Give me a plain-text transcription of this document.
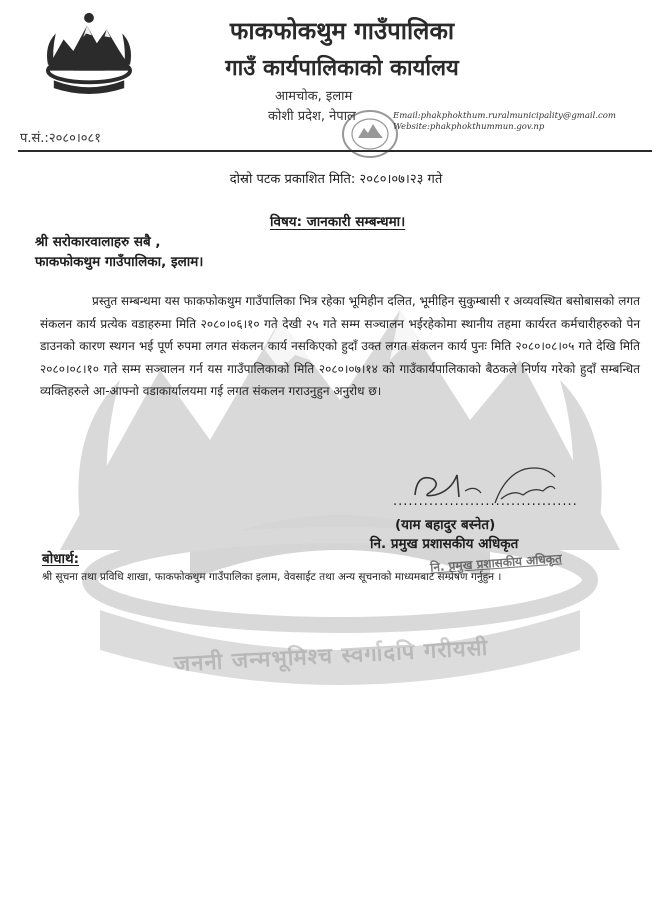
फाकफोकथुम गाउँपालिका
गाउँ कार्यपालिकाको कार्यालय
आमचोक, इलाम
कोशी प्रदेश, नेपाल	Email:phakphokthum.ruralmunicipality@gmail.com
Website:phakphokthummun.gov.np
प.सं.:२०८०।०८१
दोस्रो पटक प्रकाशित मिति: २०८०।०७।२३ गते
विषय: जानकारी सम्बन्धमा।
श्री सरोकारवालाहरु सबै ,
फाकफोकथुम गाउँपालिका, इलाम।
प्रस्तुत सम्बन्धमा यस फाकफोकथुम गाउँपालिका भित्र रहेका भूमिहीन दलित, भूमीहिन सुकुम्बासी र अव्यवस्थित बसोबासको लगत संकलन कार्य प्रत्येक वडाहरुमा मिति २०८०।०६।१० गते देखी २५ गते सम्म सञ्चालन भईरहेकोमा स्थानीय तहमा कार्यरत कर्मचारीहरुको पेन डाउनको कारण स्थगन भई पूर्ण रुपमा लगत संकलन कार्य नसकिएको हुदाँ उक्त लगत संकलन कार्य पुनः मिति २०८०।०८।०५ गते देखि मिति २०८०।०८।१० गते सम्म सञ्चालन गर्न यस गाउँपालिकाको मिति २०८०।०७।१४ को गाउँकार्यपालिकाको बैठकले निर्णय गरेको हुदाँ सम्बन्धित व्यक्तिहरुले आ-आफ्नो वडाकार्यालयमा गई लगत संकलन गराउनुहुन अनुरोध छ।
....................................
(याम बहादुर बस्नेत)
नि. प्रमुख प्रशासकीय अधिकृत
बोधार्थ:
श्री सूचना तथा प्रविधि शाखा, फाकफोकथुम गाउँपालिका इलाम, वेवसाईट तथा अन्य सूचनाको माध्यमबाट सम्प्रेषण गर्नुहुन ।
नि. प्रमुख प्रशासकीय अधिकृत
जननी जन्मभूमिश्च स्वर्गादपि गरीयसी
